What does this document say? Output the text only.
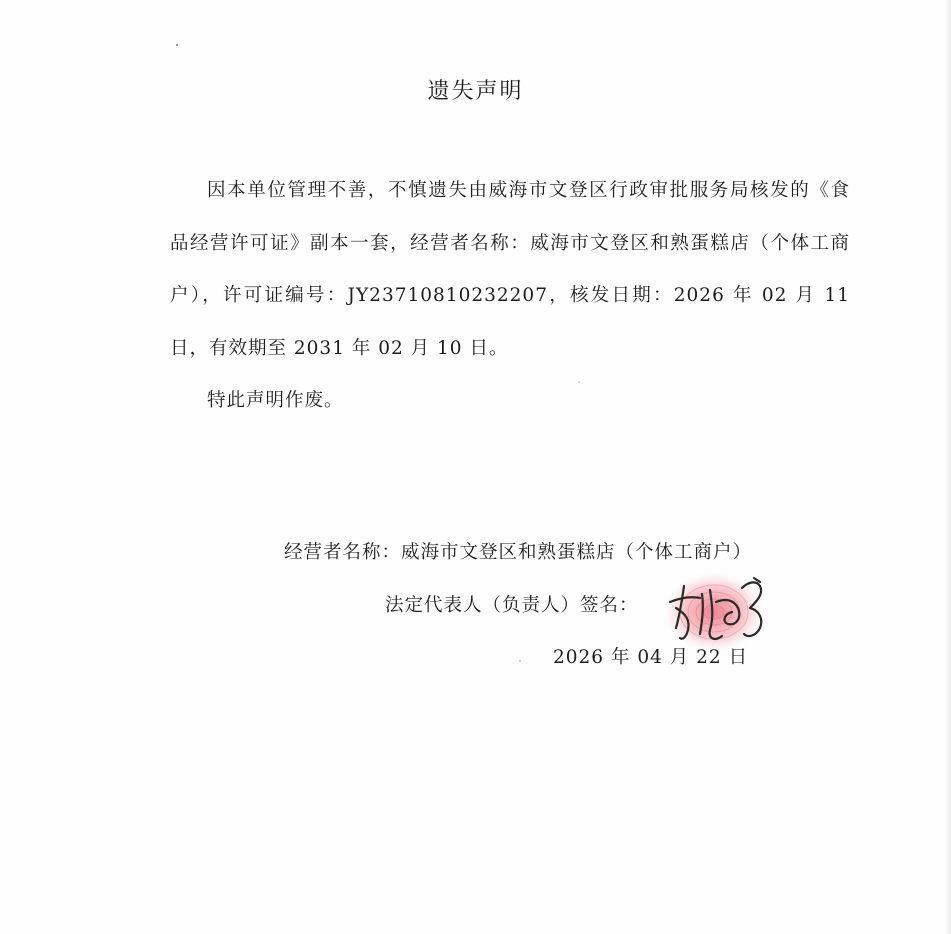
遗失声明

因本单位管理不善，不慎遗失由威海市文登区行政审批服务局核发的《食品经营许可证》副本一套，经营者名称：威海市文登区和熟蛋糕店（个体工商户），许可证编号：JY23710810232207，核发日期：2026 年 02 月 11 日，有效期至 2031 年 02 月 10 日。

特此声明作废。

经营者名称：威海市文登区和熟蛋糕店（个体工商户）
法定代表人（负责人）签名：
2026 年 04 月 22 日
